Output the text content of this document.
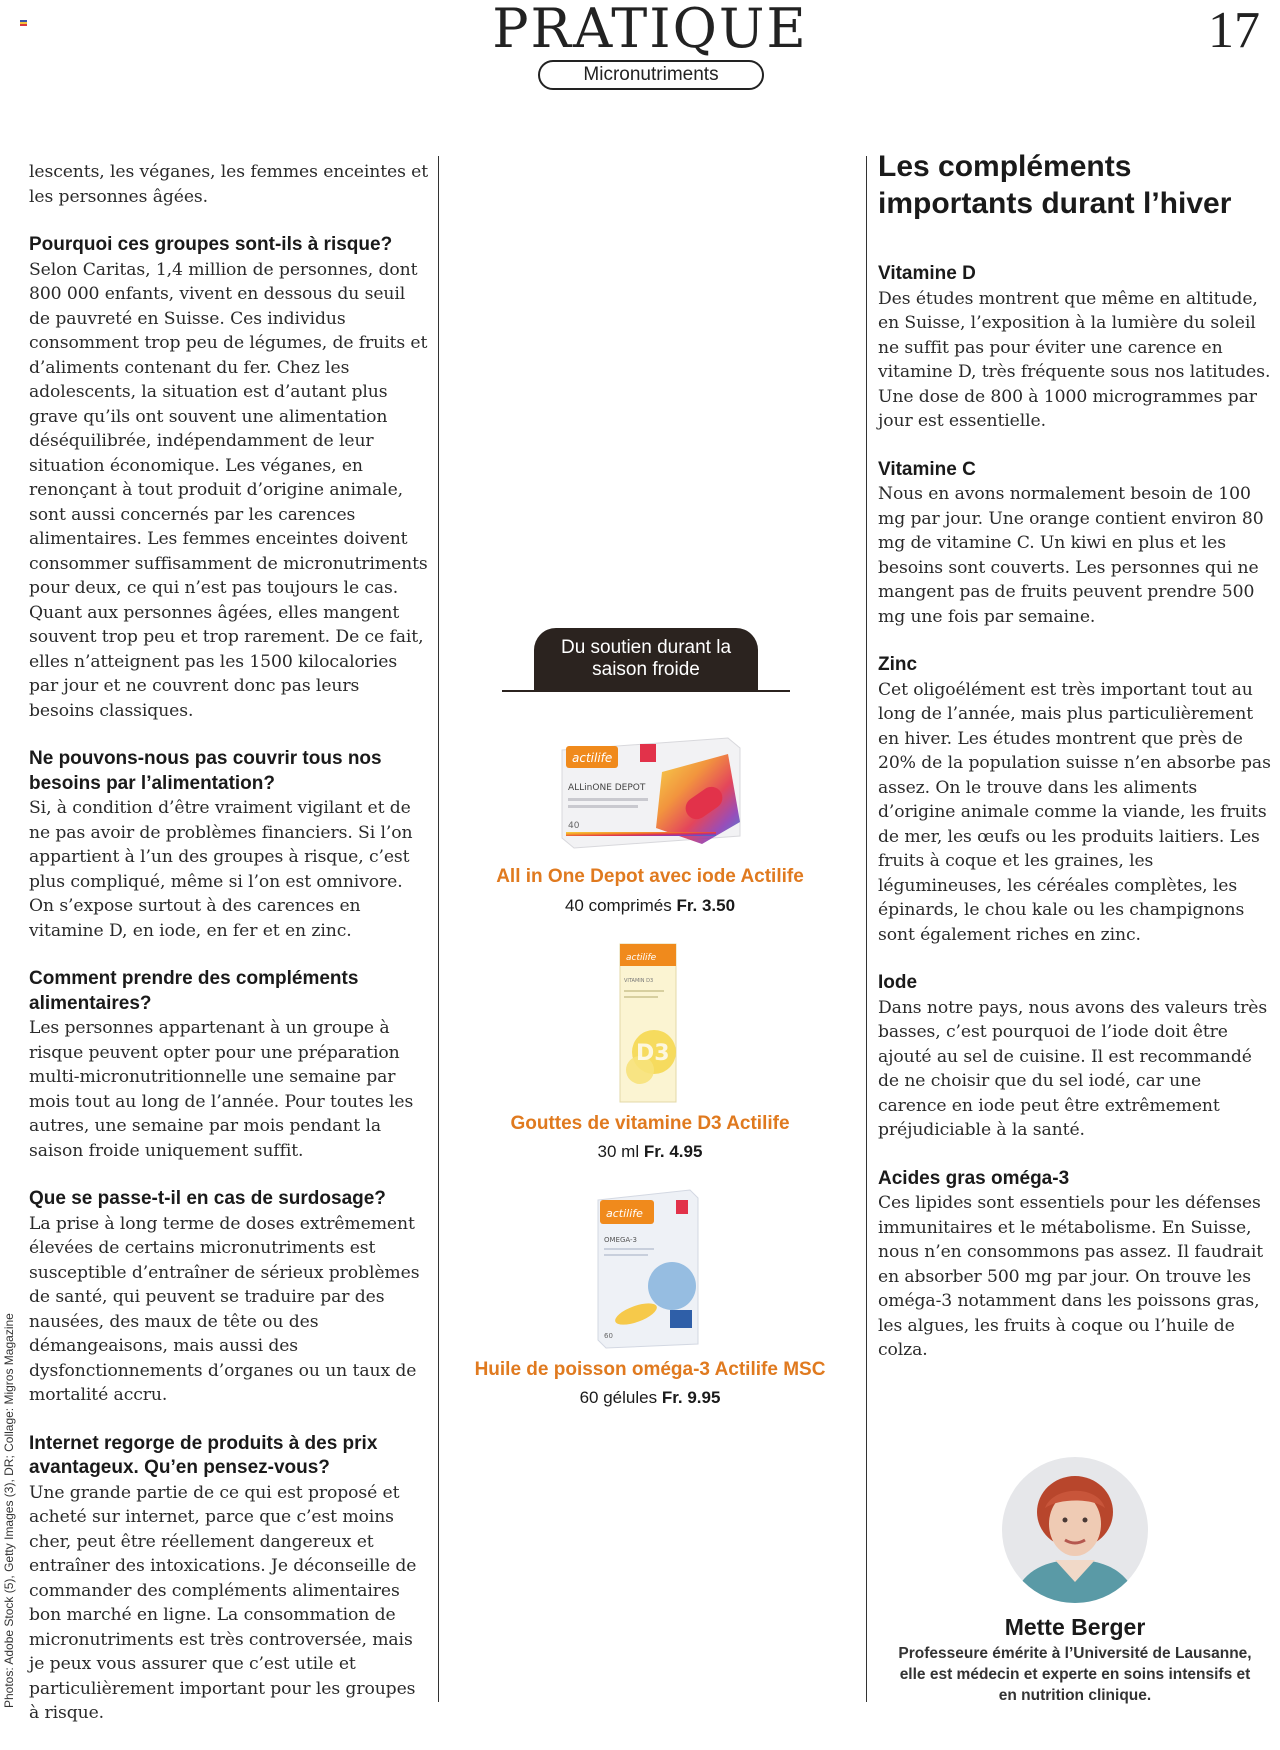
PRATIQUE
Micronutriments
17
Photos: Adobe Stock (5), Getty Images (3), DR; Collage: Migros Magazine

lescents, les véganes, les femmes enceintes et les personnes âgées.

Pourquoi ces groupes sont-ils à risque?

Selon Caritas, 1,4 million de personnes, dont 800 000 enfants, vivent en dessous du seuil de pauvreté en Suisse. Ces individus consomment trop peu de légumes, de fruits et d’aliments contenant du fer. Chez les adolescents, la situation est d’autant plus grave qu’ils ont souvent une alimentation déséquilibrée, indépendamment de leur situation économique. Les véganes, en renonçant à tout produit d’origine animale, sont aussi concernés par les carences alimentaires. Les femmes enceintes doivent consommer suffisamment de micronutriments pour deux, ce qui n’est pas toujours le cas. Quant aux personnes âgées, elles mangent souvent trop peu et trop rarement. De ce fait, elles n’atteignent pas les 1500 kilocalories par jour et ne couvrent donc pas leurs besoins classiques.

Ne pouvons-nous pas couvrir tous nos besoins par l’alimentation?

Si, à condition d’être vraiment vigilant et de ne pas avoir de problèmes financiers. Si l’on appartient à l’un des groupes à risque, c’est plus compliqué, même si l’on est omnivore. On s’expose surtout à des carences en vitamine D, en iode, en fer et en zinc.

Comment prendre des compléments alimentaires?

Les personnes appartenant à un groupe à risque peuvent opter pour une préparation multi-micronutritionnelle une semaine par mois tout au long de l’année. Pour toutes les autres, une semaine par mois pendant la saison froide uniquement suffit.

Que se passe-t-il en cas de surdosage?

La prise à long terme de doses extrêmement élevées de certains micronutriments est susceptible d’entraîner de sérieux problèmes de santé, qui peuvent se traduire par des nausées, des maux de tête ou des démangeaisons, mais aussi des dysfonctionnements d’organes ou un taux de mortalité accru.

Internet regorge de produits à des prix avantageux. Qu’en pensez-vous?

Une grande partie de ce qui est proposé et acheté sur internet, parce que c’est moins cher, peut être réellement dangereux et entraîner des intoxications. Je déconseille de commander des compléments alimentaires bon marché en ligne. La consommation de micronutriments est très controversée, mais je peux vous assurer que c’est utile et particulièrement important pour les groupes à risque.

Du soutien durant la saison froide
actilife
ALLinONE DEPOT
40
All in One Depot avec iode Actilife
40 comprimés Fr. 3.50
actilife
VITAMIN D3
D3
Gouttes de vitamine D3 Actilife
30 ml Fr. 4.95
actilife
OMEGA-3
60
Huile de poisson oméga-3 Actilife MSC
60 gélules Fr. 9.95
Les compléments importants durant l’hiver

Vitamine D

Des études montrent que même en altitude, en Suisse, l’exposition à la lumière du soleil ne suffit pas pour éviter une carence en vitamine D, très fréquente sous nos latitudes. Une dose de 800 à 1000 microgrammes par jour est essentielle.

Vitamine C

Nous en avons normalement besoin de 100 mg par jour. Une orange contient environ 80 mg de vitamine C. Un kiwi en plus et les besoins sont couverts. Les personnes qui ne mangent pas de fruits peuvent prendre 500 mg une fois par semaine.

Zinc

Cet oligoélément est très important tout au long de l’année, mais plus particulièrement en hiver. Les études montrent que près de 20% de la population suisse n’en absorbe pas assez. On le trouve dans les aliments d’origine animale comme la viande, les fruits de mer, les œufs ou les produits laitiers. Les fruits à coque et les graines, les légumineuses, les céréales complètes, les épinards, le chou kale ou les champignons sont également riches en zinc.

Iode

Dans notre pays, nous avons des valeurs très basses, c’est pourquoi de l’iode doit être ajouté au sel de cuisine. Il est recommandé de ne choisir que du sel iodé, car une carence en iode peut être extrêmement préjudiciable à la santé.

Acides gras oméga-3

Ces lipides sont essentiels pour les défenses immunitaires et le métabolisme. En Suisse, nous n’en consommons pas assez. Il faudrait en absorber 500 mg par jour. On trouve les oméga-3 notamment dans les poissons gras, les algues, les fruits à coque ou l’huile de colza.

Mette Berger
Professeure émérite à l’Université de Lausanne, elle est médecin et experte en soins intensifs et en nutrition clinique.
